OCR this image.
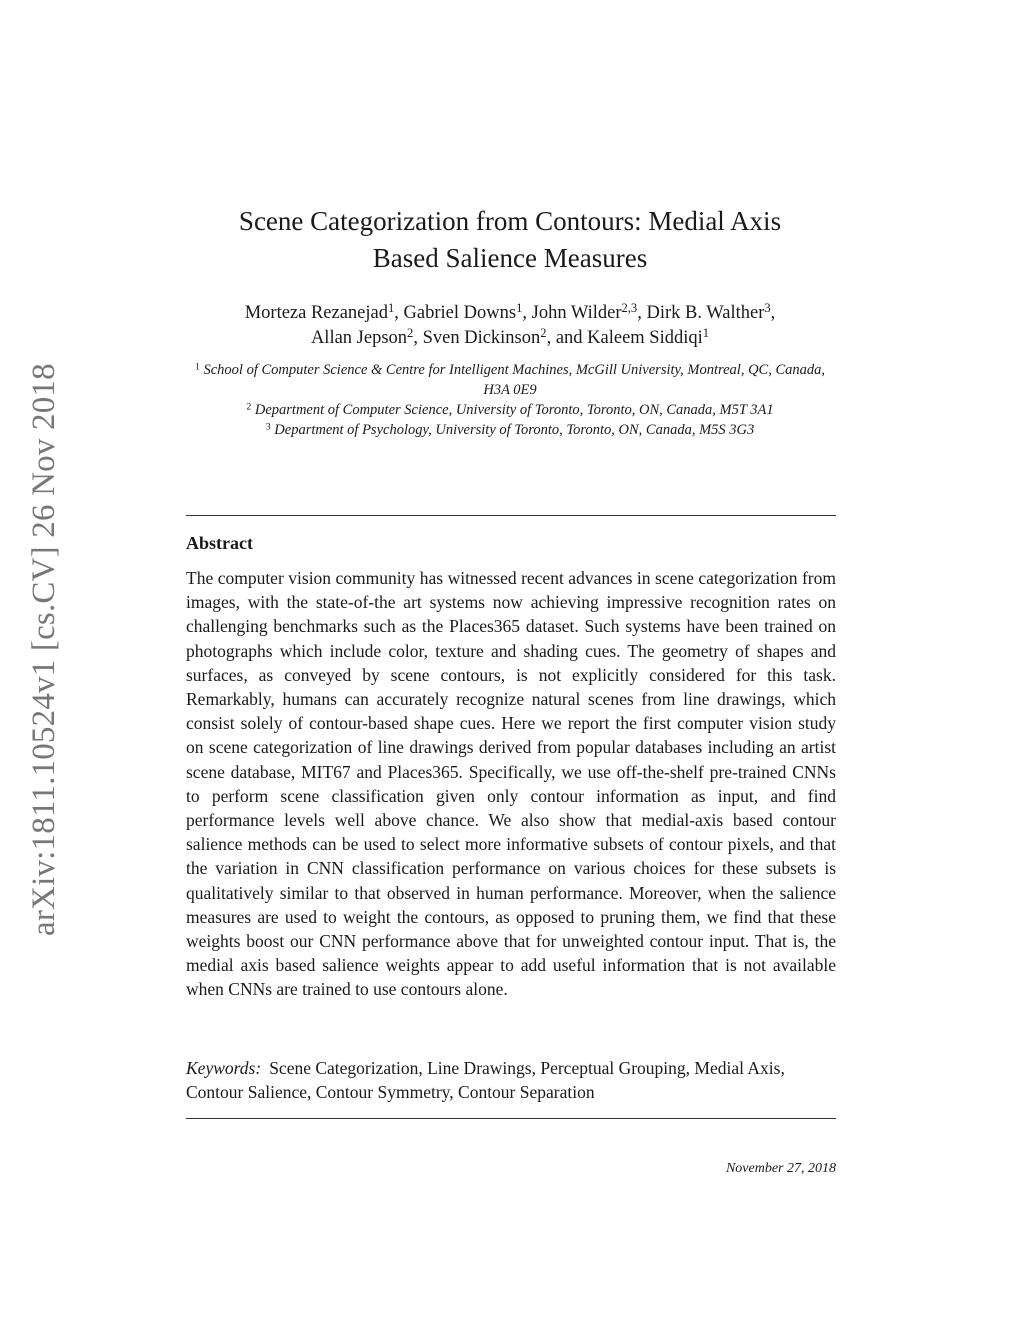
arXiv:1811.10524v1 [cs.CV] 26 Nov 2018
Scene Categorization from Contours: Medial Axis
Based Salience Measures
Morteza Rezanejad$^1$, Gabriel Downs$^1$, John Wilder$^{2,3}$, Dirk B. Walther$^3$,
Allan Jepson$^2$, Sven Dickinson$^2$, and Kaleem Siddiqi$^1$
$^1$ School of Computer Science & Centre for Intelligent Machines, McGill University, Montreal, QC, Canada, H3A 0E9
$^2$ Department of Computer Science, University of Toronto, Toronto, ON, Canada, M5T 3A1
$^3$ Department of Psychology, University of Toronto, Toronto, ON, Canada, M5S 3G3
Abstract
The computer vision community has witnessed recent advances in scene categorization from images, with the state-of-the art systems now achieving impressive recognition rates on challenging benchmarks such as the Places365 dataset. Such systems have been trained on photographs which include color, texture and shading cues. The geometry of shapes and surfaces, as conveyed by scene contours, is not explicitly considered for this task. Remarkably, humans can accurately recognize natural scenes from line drawings, which consist solely of contour-based shape cues. Here we report the first computer vision study on scene categorization of line drawings derived from popular databases including an artist scene database, MIT67 and Places365. Specifically, we use off-the-shelf pre-trained CNNs to perform scene classification given only contour information as input, and find performance levels well above chance. We also show that medial-axis based contour salience methods can be used to select more informative subsets of contour pixels, and that the variation in CNN classification performance on various choices for these subsets is qualitatively similar to that observed in human performance. Moreover, when the salience measures are used to weight the contours, as opposed to pruning them, we find that these weights boost our CNN performance above that for unweighted contour input. That is, the medial axis based salience weights appear to add useful information that is not available when CNNs are trained to use contours alone.
Keywords: Scene Categorization, Line Drawings, Perceptual Grouping, Medial Axis, Contour Salience, Contour Symmetry, Contour Separation
November 27, 2018
